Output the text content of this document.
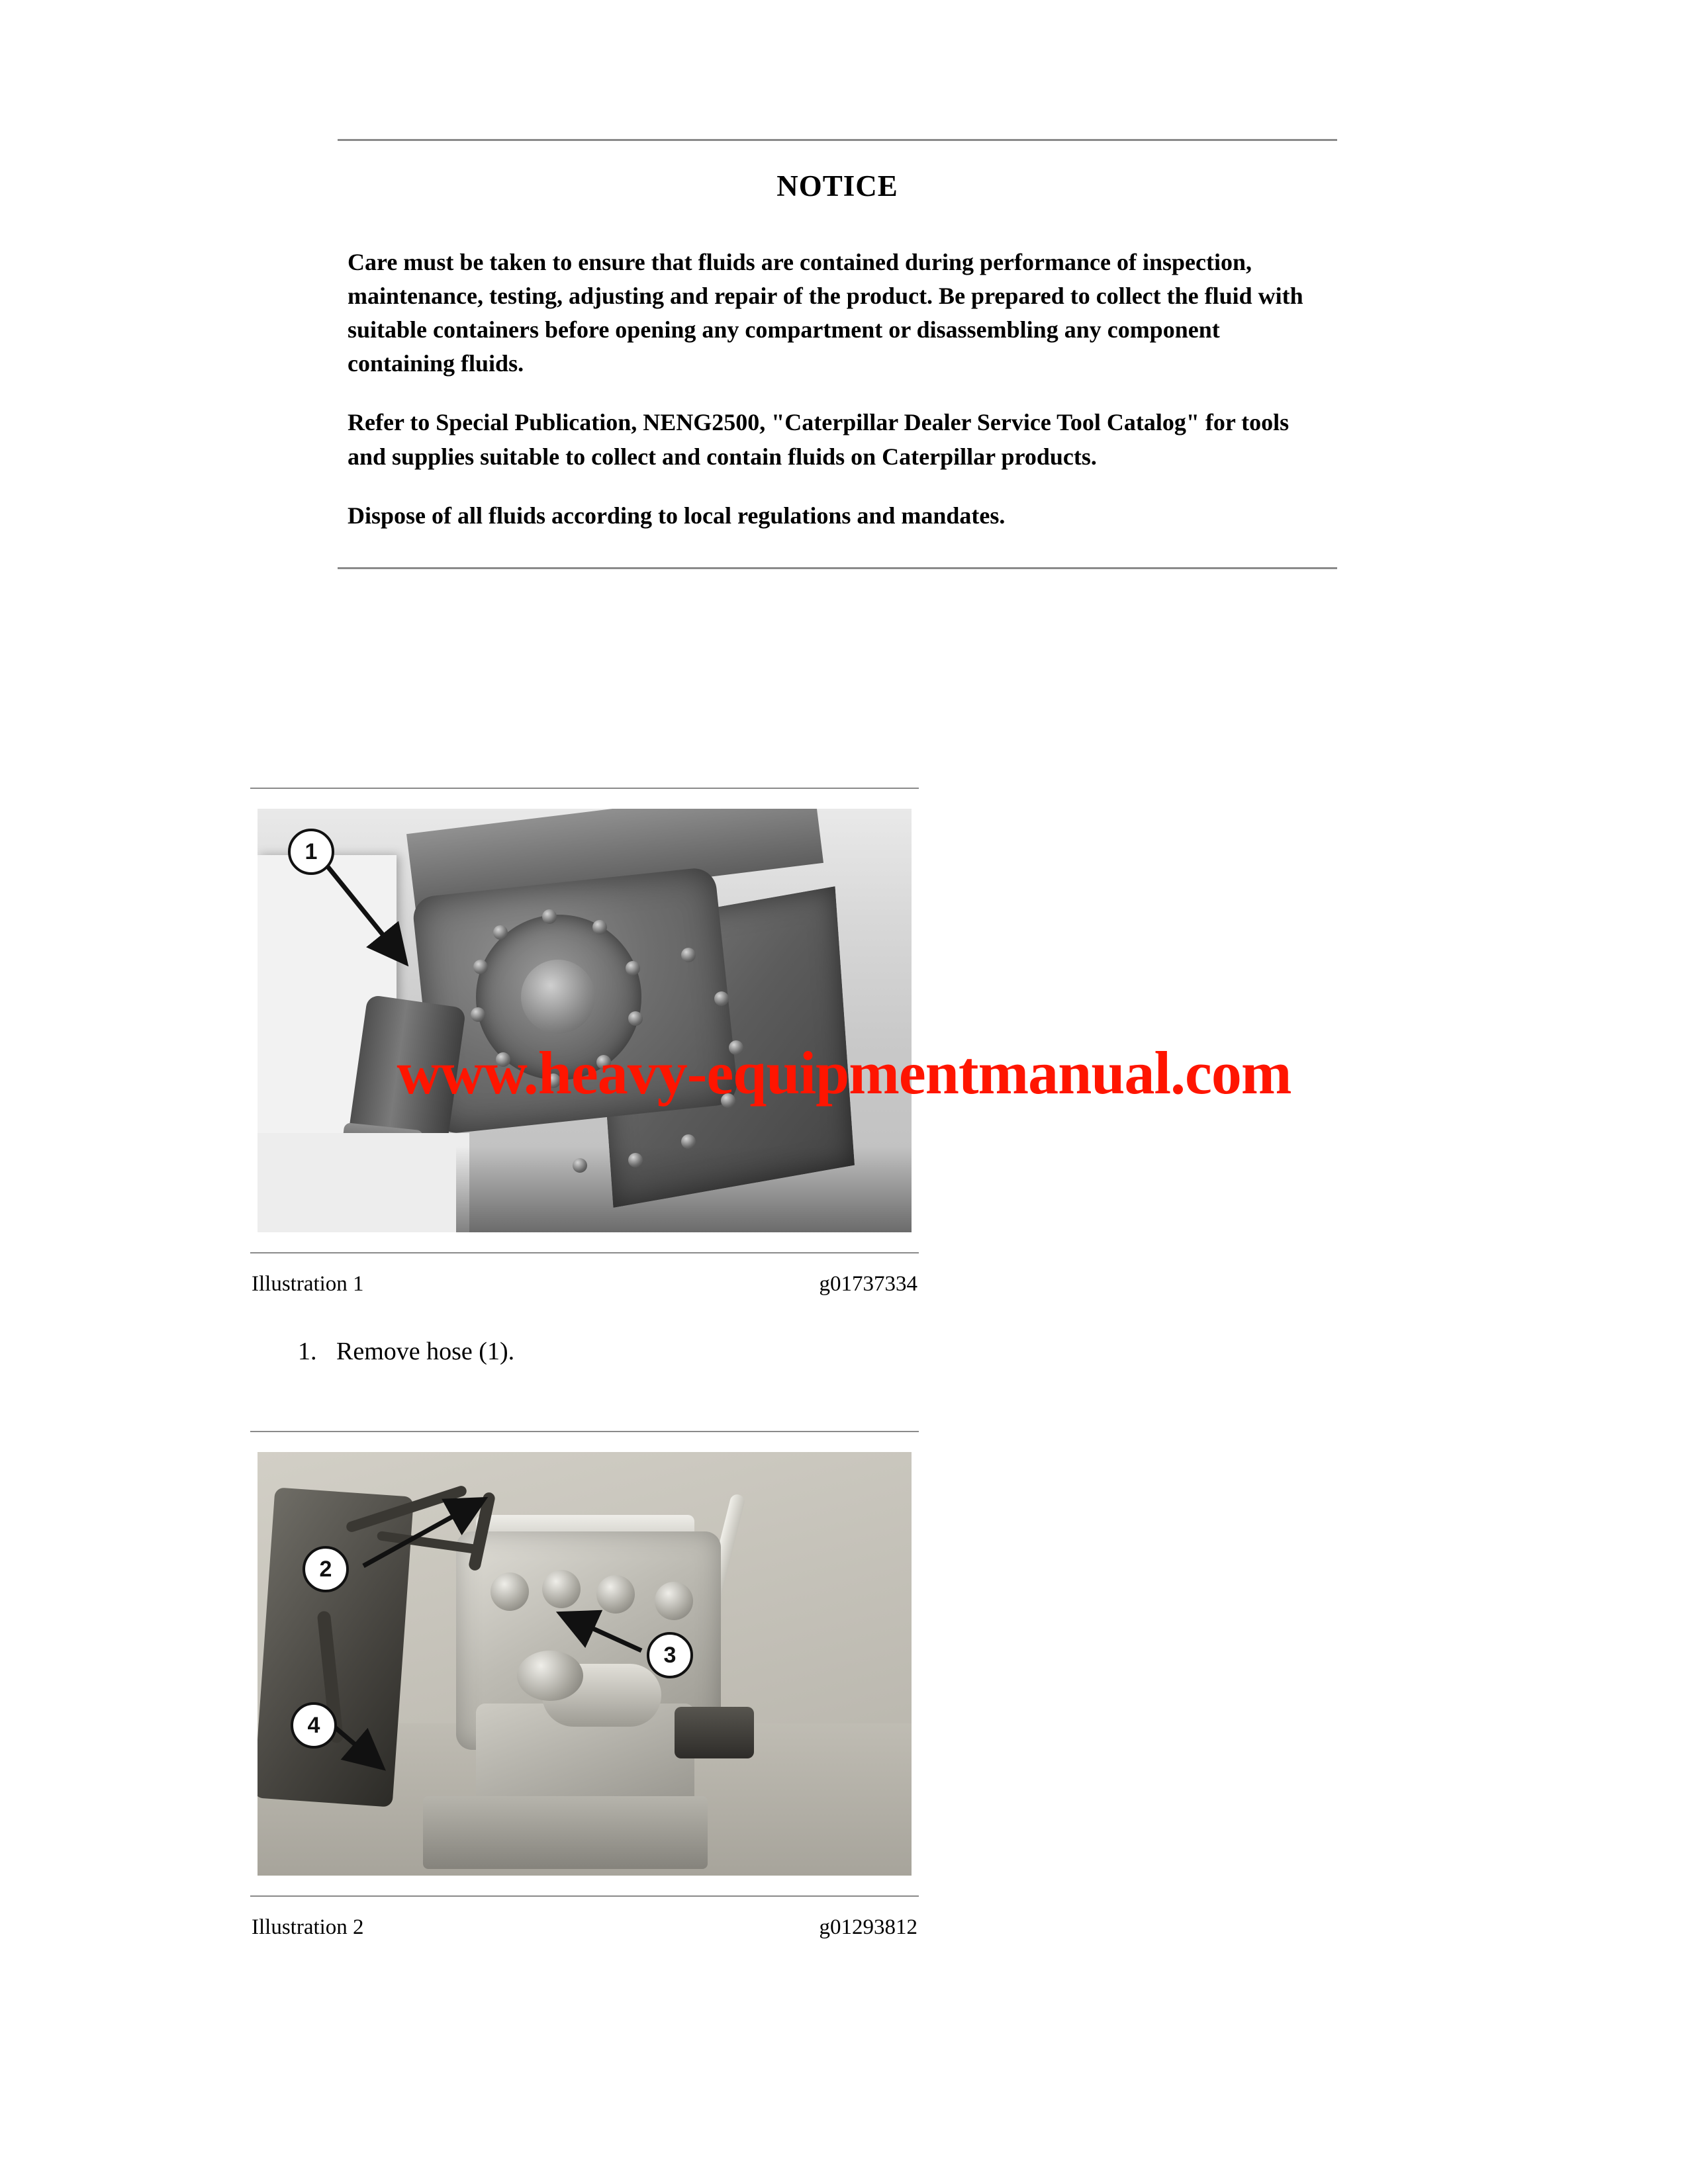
NOTICE

Care must be taken to ensure that fluids are contained during performance of inspection, maintenance, testing, adjusting and repair of the product. Be prepared to collect the fluid with suitable containers before opening any compartment or disassembling any component containing fluids.

Refer to Special Publication, NENG2500, "Caterpillar Dealer Service Tool Catalog" for tools and supplies suitable to collect and contain fluids on Caterpillar products.

Dispose of all fluids according to local regulations and mandates.

1
Illustration 1	g01737334
1. Remove hose (1).
2
3
4
Illustration 2	g01293812
www.heavy-equipmentmanual.com
